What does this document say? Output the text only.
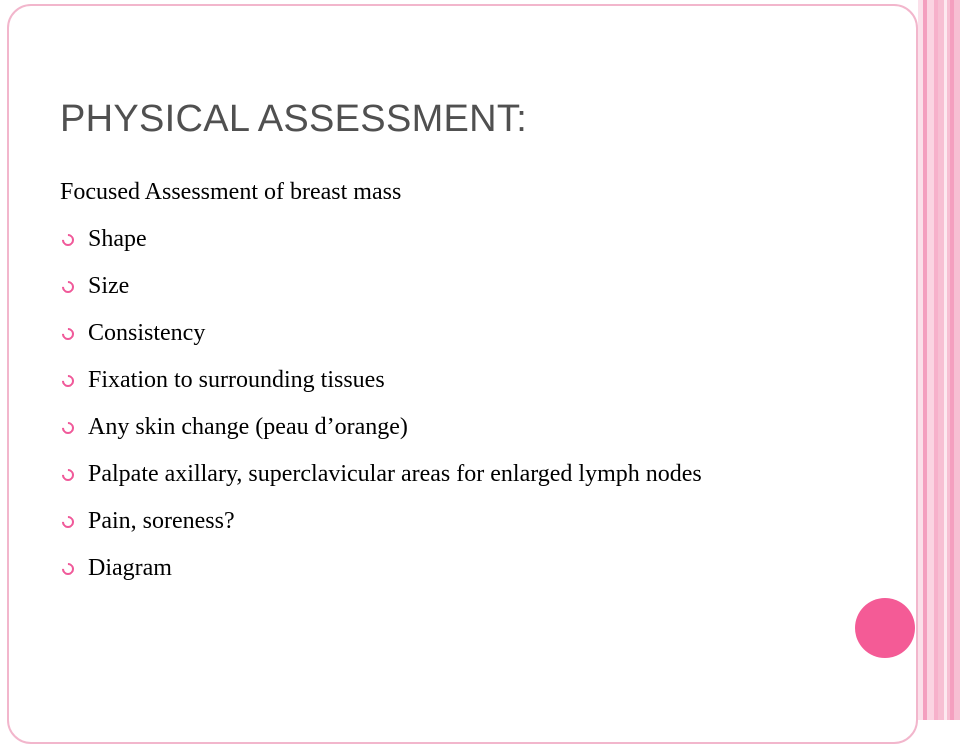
PHYSICAL ASSESSMENT:

Focused Assessment of breast mass

Shape
Size
Consistency
Fixation to surrounding tissues
Any skin change (peau d’orange)
Palpate axillary, superclavicular areas for enlarged lymph nodes
Pain, soreness?
Diagram
